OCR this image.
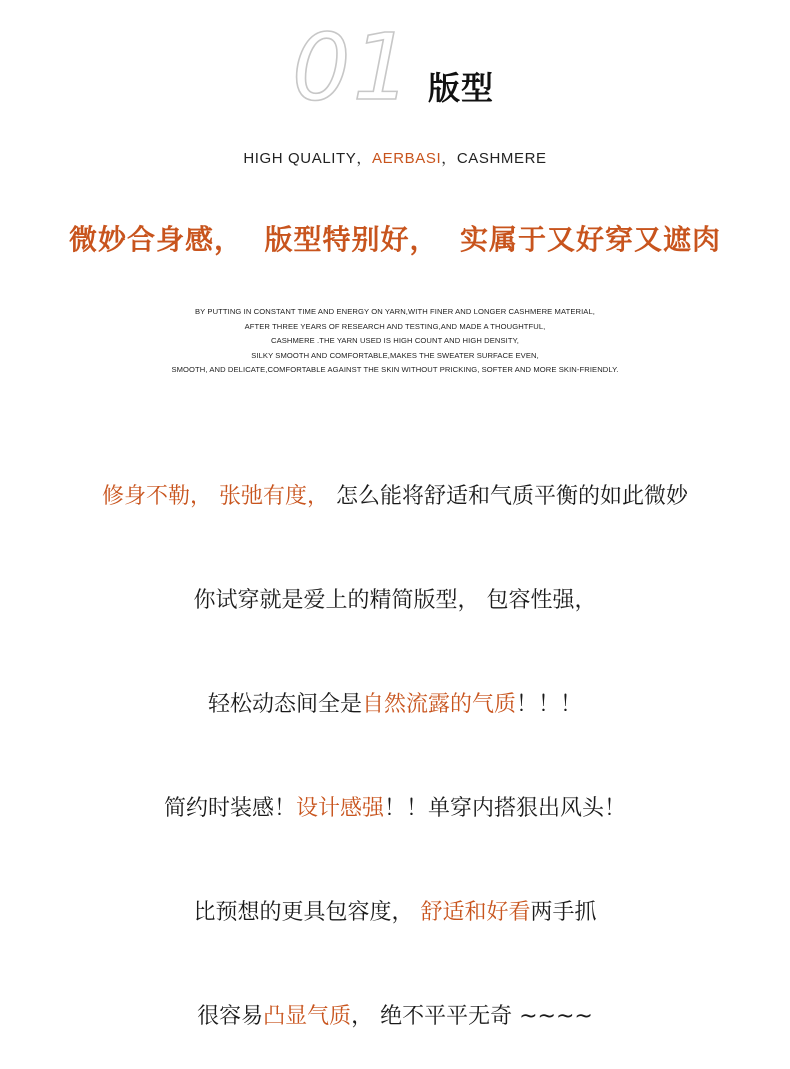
01 版型
HIGH QUALITY，AERBASI，CASHMERE
微妙合身感，  版型特别好，  实属于又好穿又遮肉

BY PUTTING IN CONSTANT TIME AND ENERGY ON YARN,WITH FINER AND LONGER CASHMERE MATERIAL,

AFTER THREE YEARS OF RESEARCH AND TESTING,AND MADE A THOUGHTFUL,

CASHMERE .THE YARN USED IS HIGH COUNT AND HIGH DENSITY,

SILKY SMOOTH AND COMFORTABLE,MAKES THE SWEATER SURFACE EVEN,

SMOOTH, AND DELICATE,COMFORTABLE AGAINST THE SKIN WITHOUT PRICKING, SOFTER AND MORE SKIN-FRIENDLY.

修身不勒， 张弛有度， 怎么能将舒适和气质平衡的如此微妙

你试穿就是爱上的精简版型， 包容性强，

轻松动态间全是自然流露的气质！！！

简约时装感！设计感强！！单穿内搭狠出风头！

比预想的更具包容度， 舒适和好看两手抓

很容易凸显气质， 绝不平平无奇 ~~~~
